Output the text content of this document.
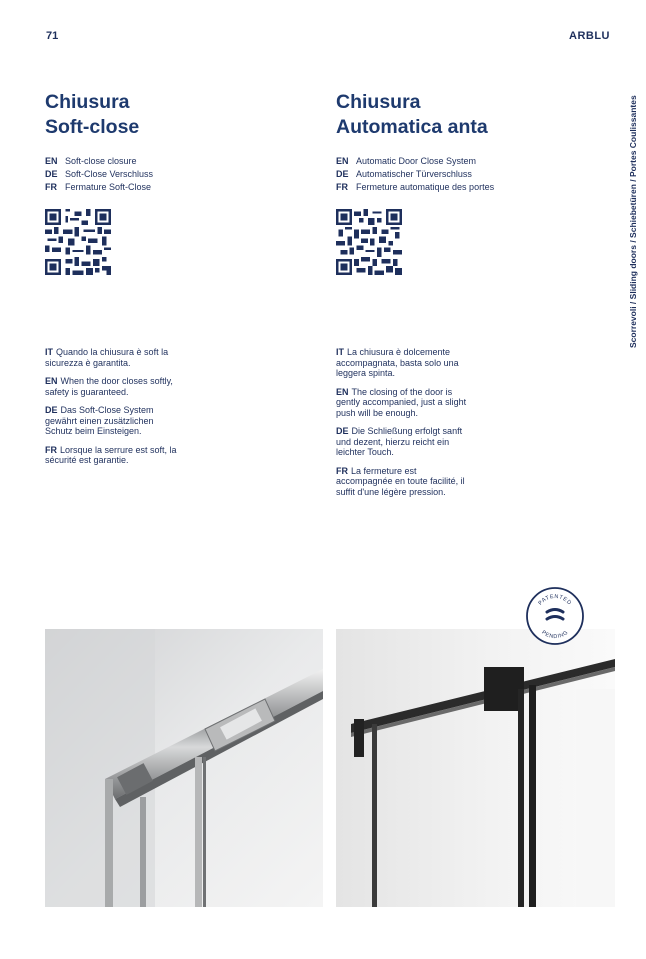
71	ARBLU
Scorrevoli / Sliding doors / Schiebetüren / Portes Coulissantes
Chiusura
Soft-close
EN Soft-close closure
DE Soft-Close Verschluss
FR Fermature Soft-Close

IT Quando la chiusura è soft la sicurezza è garantita.

EN When the door closes softly, safety is guaranteed.

DE Das Soft-Close System gewährt einen zusätzlichen Schutz beim Einsteigen.

FR Lorsque la serrure est soft, la sécurité est garantie.

Chiusura
Automatica anta
EN Automatic Door Close System
DE Automatischer Türverschluss
FR Fermeture automatique des portes

IT La chiusura è dolcemente accompagnata, basta solo una leggera spinta.

EN The closing of the door is gently accompanied, just a slight push will be enough.

DE Die Schließung erfolgt sanft und dezent, hierzu reicht ein leichter Touch.

FR La fermeture est accompagnée en toute facilité, il suffit d'une légère pression.

PATENTED
PENDING
